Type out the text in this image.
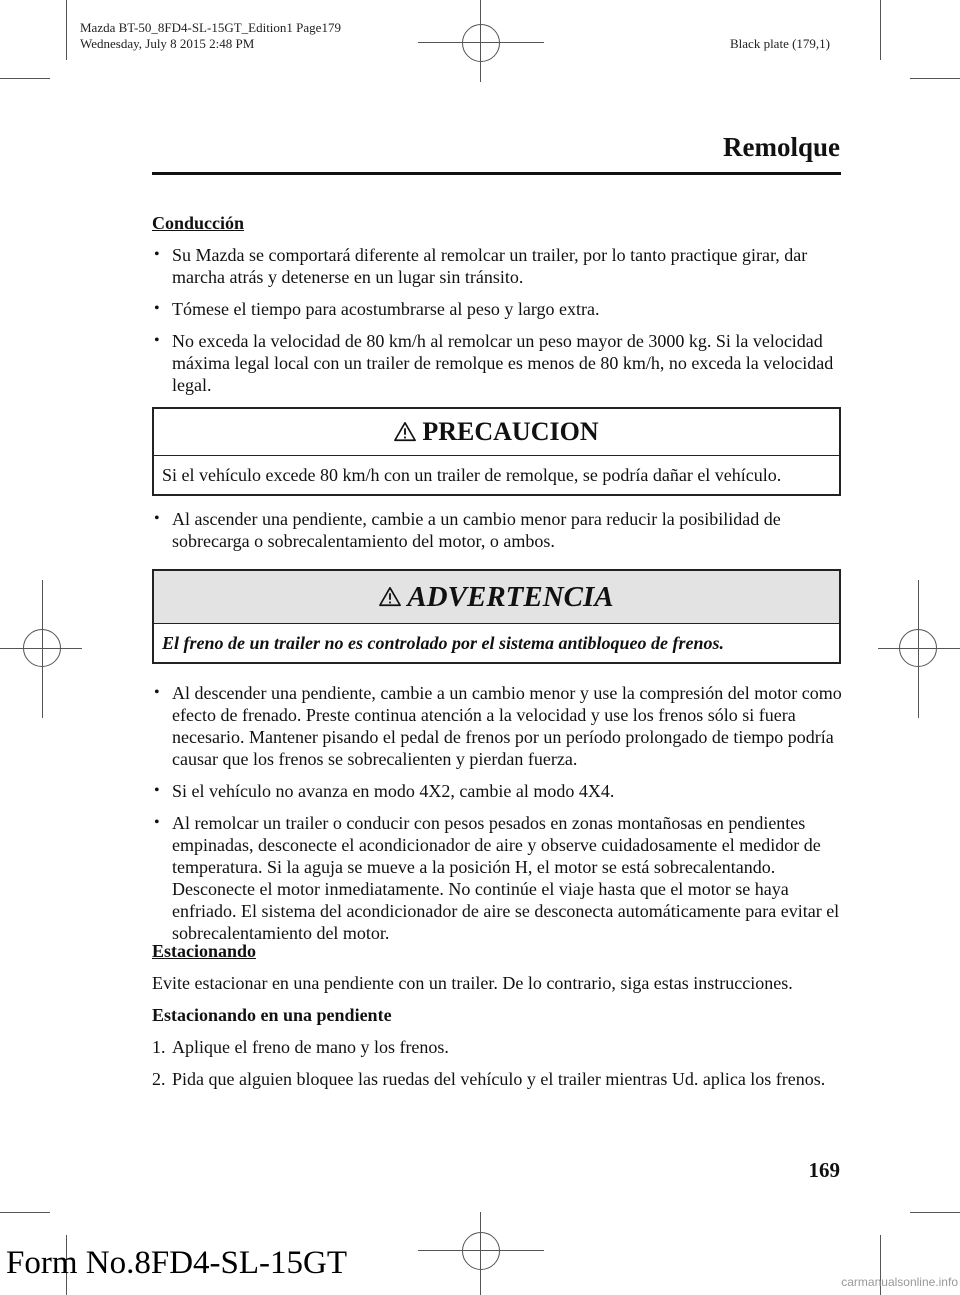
Mazda BT-50_8FD4-SL-15GT_Edition1 Page179
Wednesday, July 8 2015 2:48 PM	Black plate (179,1)
Remolque
Conducción
• Su Mazda se comportará diferente al remolcar un trailer, por lo tanto practique girar, dar marcha atrás y detenerse en un lugar sin tránsito.
• Tómese el tiempo para acostumbrarse al peso y largo extra.
• No exceda la velocidad de 80 km/h al remolcar un peso mayor de 3000 kg. Si la velocidad máxima legal local con un trailer de remolque es menos de 80 km/h, no exceda la velocidad legal.
PRECAUCION
Si el vehículo excede 80 km/h con un trailer de remolque, se podría dañar el vehículo.
• Al ascender una pendiente, cambie a un cambio menor para reducir la posibilidad de sobrecarga o sobrecalentamiento del motor, o ambos.
ADVERTENCIA
El freno de un trailer no es controlado por el sistema antibloqueo de frenos.
• Al descender una pendiente, cambie a un cambio menor y use la compresión del motor como efecto de frenado. Preste continua atención a la velocidad y use los frenos sólo si fuera necesario. Mantener pisando el pedal de frenos por un período prolongado de tiempo podría causar que los frenos se sobrecalienten y pierdan fuerza.
• Si el vehículo no avanza en modo 4X2, cambie al modo 4X4.
• Al remolcar un trailer o conducir con pesos pesados en zonas montañosas en pendientes empinadas, desconecte el acondicionador de aire y observe cuidadosamente el medidor de temperatura. Si la aguja se mueve a la posición H, el motor se está sobrecalentando. Desconecte el motor inmediatamente. No continúe el viaje hasta que el motor se haya enfriado. El sistema del acondicionador de aire se desconecta automáticamente para evitar el sobrecalentamiento del motor.
Estacionando
Evite estacionar en una pendiente con un trailer. De lo contrario, siga estas instrucciones.
Estacionando en una pendiente
1. Aplique el freno de mano y los frenos.
2. Pida que alguien bloquee las ruedas del vehículo y el trailer mientras Ud. aplica los frenos.
169
Form No.8FD4-SL-15GT
carmanualsonline.info
